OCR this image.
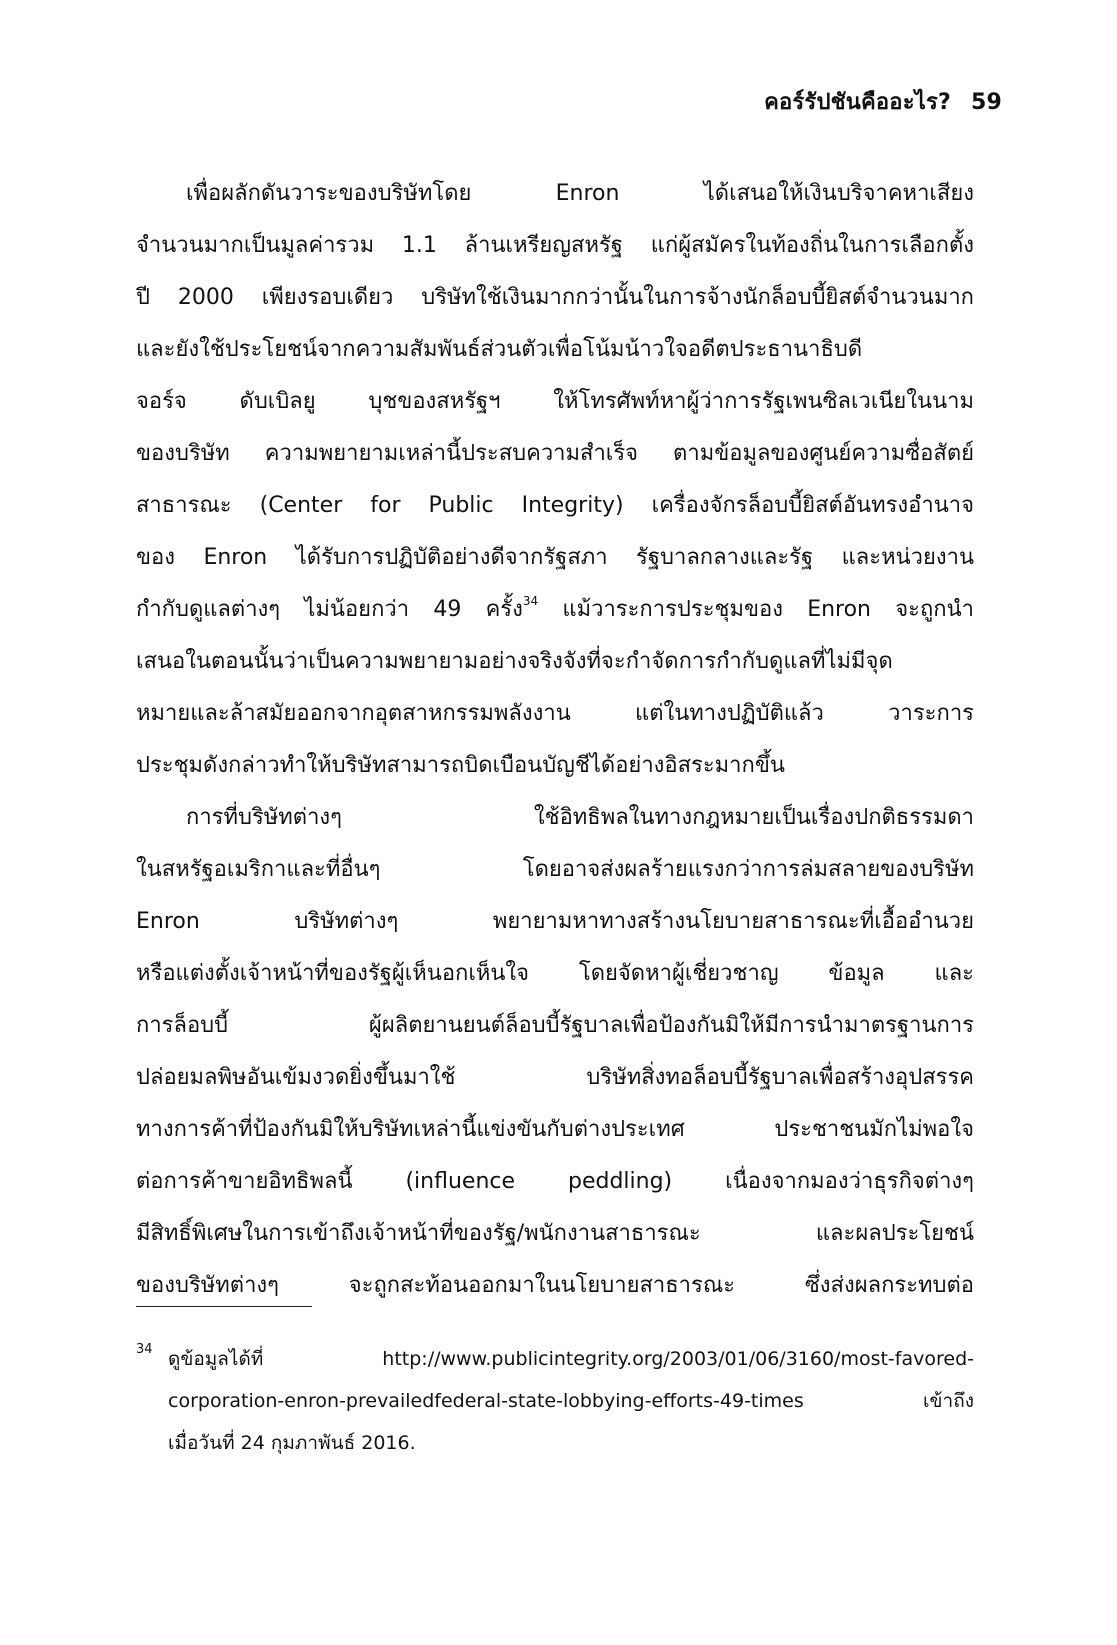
คอร์รัปชันคืออะไร? 59
เพื่อผลักดันวาระของบริษัทโดย Enron ได้เสนอให้เงินบริจาคหาเสียง
จำนวนมากเป็นมูลค่ารวม 1.1 ล้านเหรียญสหรัฐ แก่ผู้สมัครในท้องถิ่นในการเลือกตั้ง
ปี 2000 เพียงรอบเดียว บริษัทใช้เงินมากกว่านั้นในการจ้างนักล็อบบี้ยิสต์จำนวนมาก
และยังใช้ประโยชน์จากความสัมพันธ์ส่วนตัวเพื่อโน้มน้าวใจอดีตประธานาธิบดี
จอร์จ ดับเบิลยู บุชของสหรัฐฯ ให้โทรศัพท์หาผู้ว่าการรัฐเพนซิลเวเนียในนาม
ของบริษัท ความพยายามเหล่านี้ประสบความสำเร็จ ตามข้อมูลของศูนย์ความซื่อสัตย์
สาธารณะ (Center for Public Integrity) เครื่องจักรล็อบบี้ยิสต์อันทรงอำนาจ
ของ Enron ได้รับการปฏิบัติอย่างดีจากรัฐสภา รัฐบาลกลางและรัฐ และหน่วยงาน
กำกับดูแลต่างๆ ไม่น้อยกว่า 49 ครั้ง$^{34}$ แม้วาระการประชุมของ Enron จะถูกนำ
เสนอในตอนนั้นว่าเป็นความพยายามอย่างจริงจังที่จะกำจัดการกำกับดูแลที่ไม่มีจุด
หมายและล้าสมัยออกจากอุตสาหกรรมพลังงาน แต่ในทางปฏิบัติแล้ว วาระการ
ประชุมดังกล่าวทำให้บริษัทสามารถบิดเบือนบัญชีได้อย่างอิสระมากขึ้น
การที่บริษัทต่างๆ ใช้อิทธิพลในทางกฎหมายเป็นเรื่องปกติธรรมดา
ในสหรัฐอเมริกาและที่อื่นๆ โดยอาจส่งผลร้ายแรงกว่าการล่มสลายของบริษัท
Enron บริษัทต่างๆ พยายามหาทางสร้างนโยบายสาธารณะที่เอื้ออำนวย
หรือแต่งตั้งเจ้าหน้าที่ของรัฐผู้เห็นอกเห็นใจ โดยจัดหาผู้เชี่ยวชาญ ข้อมูล และ
การล็อบบี้ ผู้ผลิตยานยนต์ล็อบบี้รัฐบาลเพื่อป้องกันมิให้มีการนำมาตรฐานการ
ปล่อยมลพิษอันเข้มงวดยิ่งขึ้นมาใช้ บริษัทสิ่งทอล็อบบี้รัฐบาลเพื่อสร้างอุปสรรค
ทางการค้าที่ป้องกันมิให้บริษัทเหล่านี้แข่งขันกับต่างประเทศ ประชาชนมักไม่พอใจ
ต่อการค้าขายอิทธิพลนี้ (influence peddling) เนื่องจากมองว่าธุรกิจต่างๆ
มีสิทธิ์พิเศษในการเข้าถึงเจ้าหน้าที่ของรัฐ/พนักงานสาธารณะ และผลประโยชน์
ของบริษัทต่างๆ จะถูกสะท้อนออกมาในนโยบายสาธารณะ ซึ่งส่งผลกระทบต่อ
34 ดูข้อมูลได้ที่ http://www.publicintegrity.org/2003/01/06/3160/most-favored-
corporation-enron-prevailedfederal-state-lobbying-efforts-49-times เข้าถึง
เมื่อวันที่ 24 กุมภาพันธ์ 2016.
